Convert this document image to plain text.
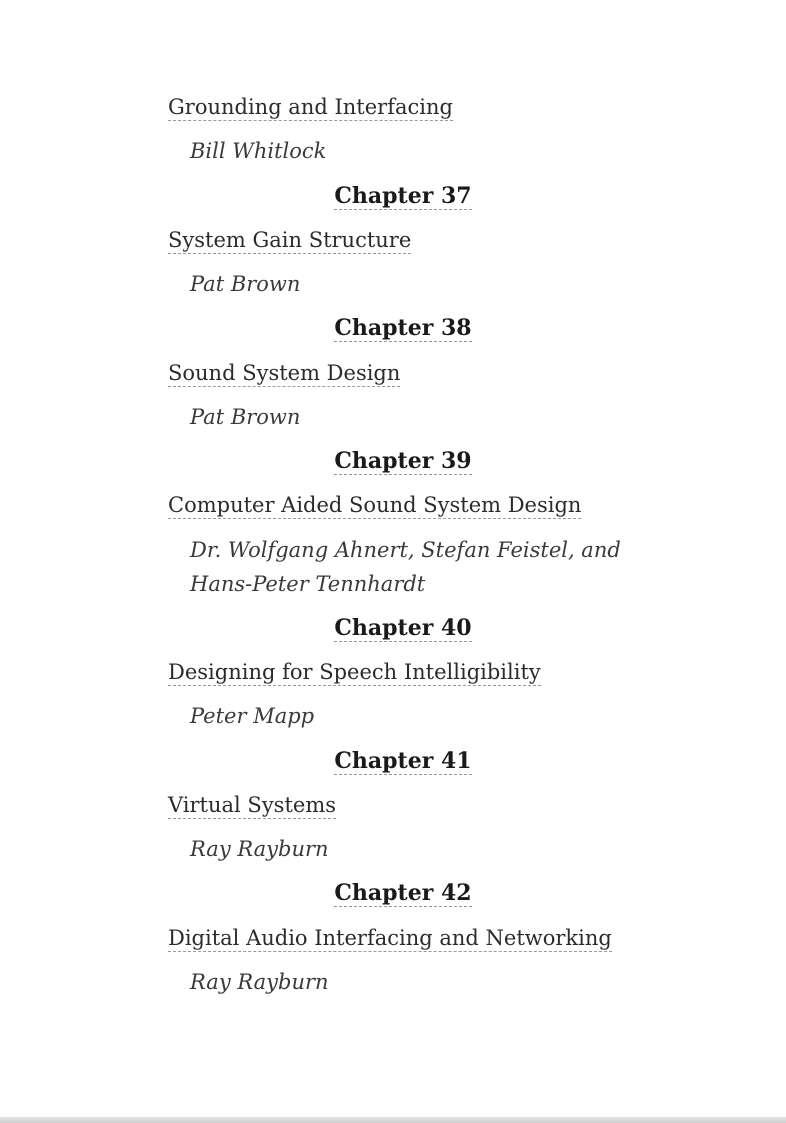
Grounding and Interfacing
Bill Whitlock
Chapter 37
System Gain Structure
Pat Brown
Chapter 38
Sound System Design
Pat Brown
Chapter 39
Computer Aided Sound System Design
Dr. Wolfgang Ahnert, Stefan Feistel, and
Hans-Peter Tennhardt
Chapter 40
Designing for Speech Intelligibility
Peter Mapp
Chapter 41
Virtual Systems
Ray Rayburn
Chapter 42
Digital Audio Interfacing and Networking
Ray Rayburn
